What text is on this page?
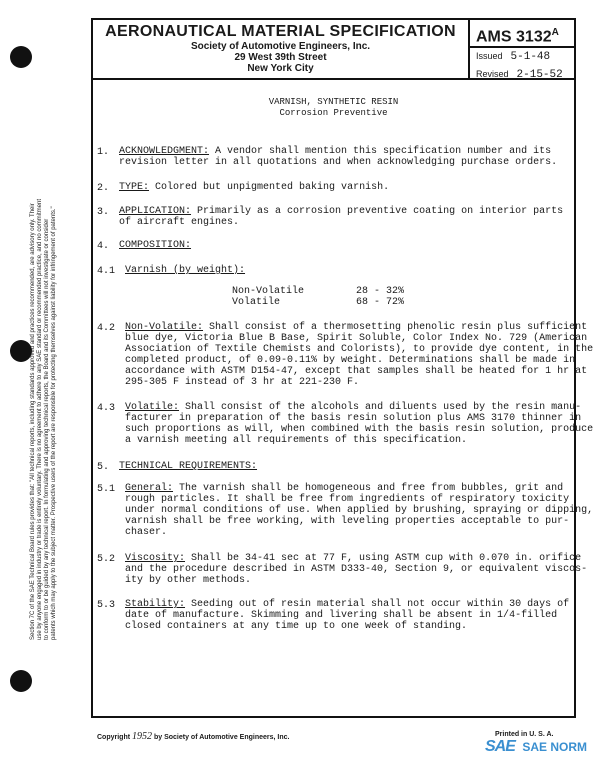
Section 7C of the SAE Technical Board rules provides that: "All technical reports, including standards approved and practices recommended, are advisory only. Their use by anyone engaged in industry or trade is entirely voluntary. There is no agreement to adhere to any SAE standard or recommended practice, and no commitment to conform to or be guided by any technical report. In formulating and approving technical reports, the Board and its Committees will not investigate or consider patents which may apply to the subject matter. Prospective users of the report are responsible for protecting themselves against liability for infringement of patents."
AERONAUTICAL MATERIAL SPECIFICATION
Society of Automotive Engineers, Inc.
29 West 39th Street
New York City
AMS $3132^A$
Issued 5-1-48
Revised 2-15-52
VARNISH, SYNTHETIC RESIN
Corrosion Preventive
1. ACKNOWLEDGMENT: A vendor shall mention this specification number and its
revision letter in all quotations and when acknowledging purchase orders.
2. TYPE: Colored but unpigmented baking varnish.
3. APPLICATION: Primarily as a corrosion preventive coating on interior parts
of aircraft engines.
4. COMPOSITION:
4.1 Varnish (by weight):
Non-Volatile	28 - 32%
Volatile	68 - 72%
4.2 Non-Volatile: Shall consist of a thermosetting phenolic resin plus sufficient
blue dye, Victoria Blue B Base, Spirit Soluble, Color Index No. 729 (American
Association of Textile Chemists and Colorists), to provide dye content, in the
completed product, of 0.09-0.11% by weight. Determinations shall be made in
accordance with ASTM D154-47, except that samples shall be heated for 1 hr at
295-305 F instead of 3 hr at 221-230 F.
4.3 Volatile: Shall consist of the alcohols and diluents used by the resin manu-
facturer in preparation of the basis resin solution plus AMS 3170 thinner in
such proportions as will, when combined with the basis resin solution, produce
a varnish meeting all requirements of this specification.
5. TECHNICAL REQUIREMENTS:
5.1 General: The varnish shall be homogeneous and free from bubbles, grit and
rough particles. It shall be free from ingredients of respiratory toxicity
under normal conditions of use. When applied by brushing, spraying or dipping,
varnish shall be free working, with leveling properties acceptable to pur-
chaser.
5.2 Viscosity: Shall be 34-41 sec at 77 F, using ASTM cup with 0.070 in. orifice
and the procedure described in ASTM D333-40, Section 9, or equivalent viscos-
ity by other methods.
5.3 Stability: Seeding out of resin material shall not occur within 30 days of
date of manufacture. Skimming and livering shall be absent in 1/4-filled
closed containers at any time up to one week of standing.
Copyright 1952 by Society of Automotive Engineers, Inc.	Printed in U. S. A.
SAE SAE NORM
